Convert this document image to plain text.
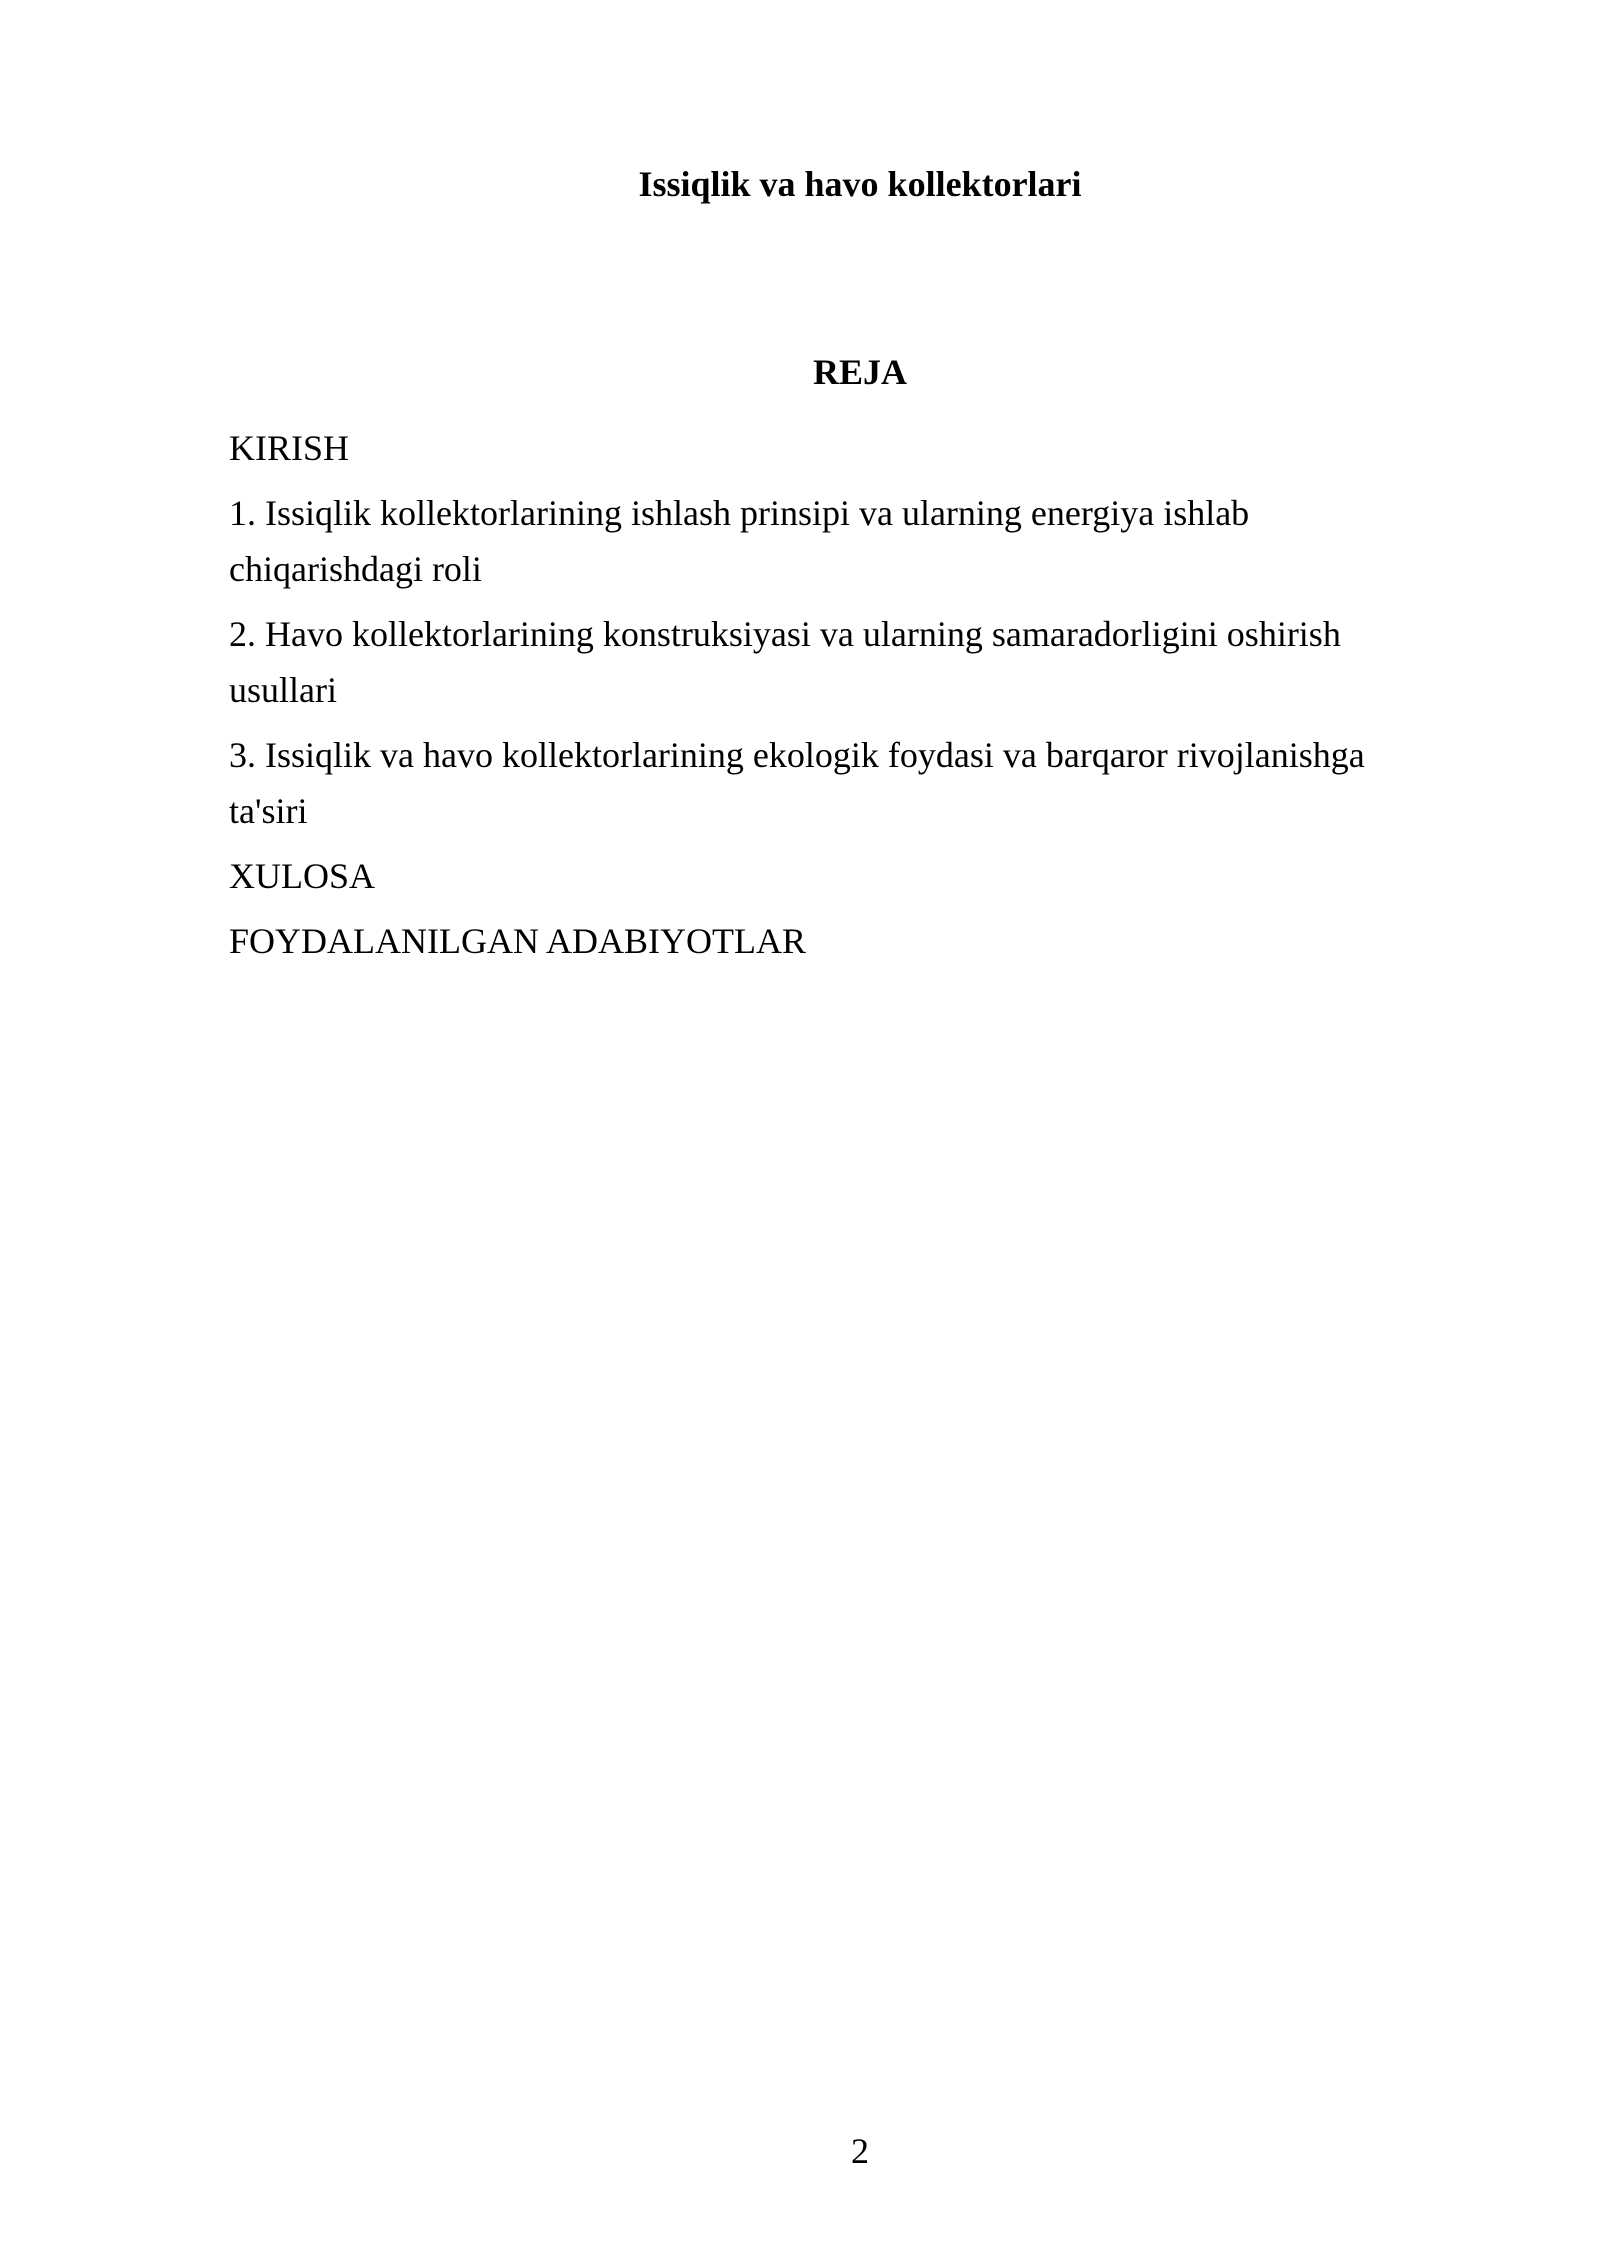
Issiqlik va havo kollektorlari
REJA
KIRISH
1. Issiqlik kollektorlarining ishlash prinsipi va ularning energiya ishlab chiqarishdagi roli
2. Havo kollektorlarining konstruksiyasi va ularning samaradorligini oshirish usullari
3. Issiqlik va havo kollektorlarining ekologik foydasi va barqaror rivojlanishga ta'siri
XULOSA
FOYDALANILGAN ADABIYOTLAR
2
